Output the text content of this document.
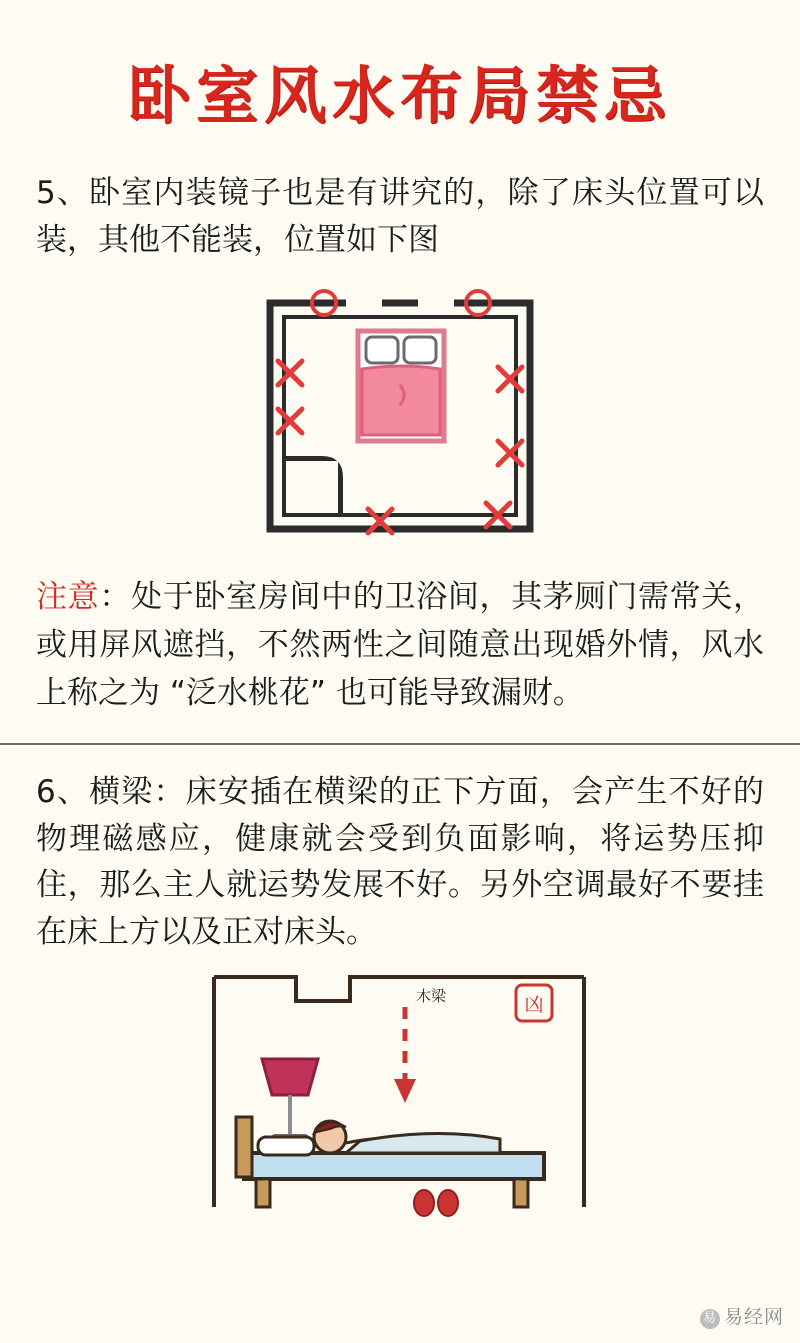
卧室风水布局禁忌
5、卧室内装镜子也是有讲究的，除了床头位置可以装，其他不能装，位置如下图
注意：处于卧室房间中的卫浴间，其茅厕门需常关，或用屏风遮挡，不然两性之间随意出现婚外情，风水上称之为 “泛水桃花” 也可能导致漏财。
6、横梁：床安插在横梁的正下方面，会产生不好的物理磁感应，健康就会受到负面影响，将运势压抑住，那么主人就运势发展不好。另外空调最好不要挂在床上方以及正对床头。
木梁	凶
易 易经网
